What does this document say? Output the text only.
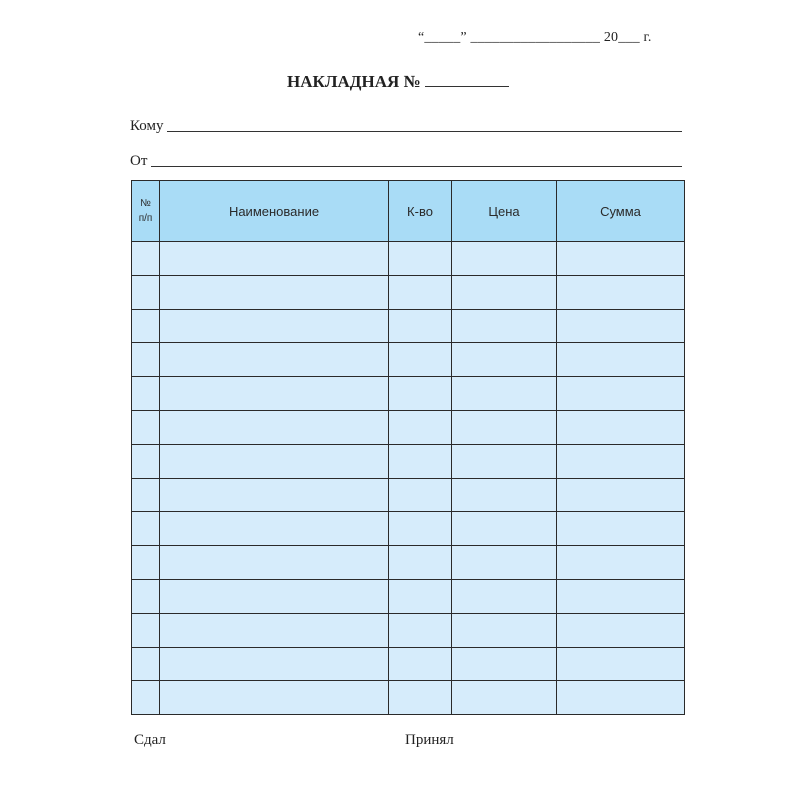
“_____” __________________ 20___ г.
НАКЛАДНАЯ №
Кому
От
№
п/п	Наименование	К-во	Цена	Сумма

Сдал	Принял
